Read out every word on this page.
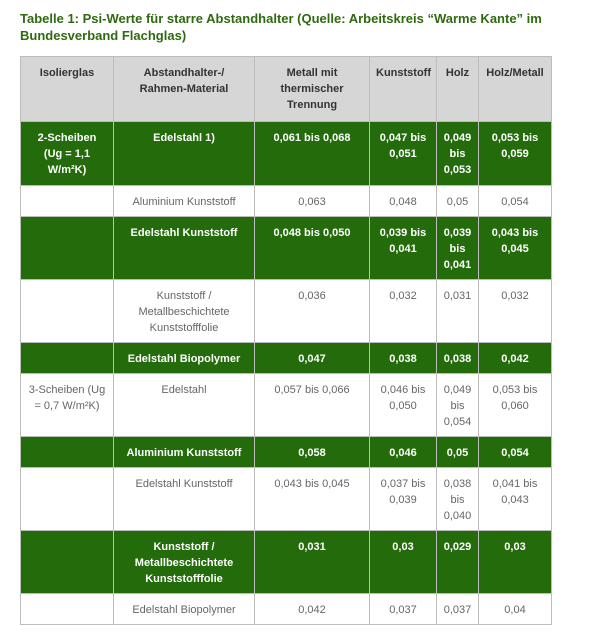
Tabelle 1: Psi-Werte für starre Abstandhalter (Quelle: Arbeitskreis “Warme Kante” im Bundesverband Flachglas)
Isolierglas	Abstandhalter-/ Rahmen-Material	Metall mit thermischer Trennung	Kunststoff	Holz	Holz/Metall
2-Scheiben (Ug = 1,1 W/m²K)	Edelstahl 1)	0,061 bis 0,068	0,047 bis 0,051	0,049 bis 0,053	0,053 bis 0,059
	Aluminium Kunststoff	0,063	0,048	0,05	0,054
	Edelstahl Kunststoff	0,048 bis 0,050	0,039 bis 0,041	0,039 bis 0,041	0,043 bis 0,045
	Kunststoff / Metallbeschichtete Kunststofffolie	0,036	0,032	0,031	0,032
	Edelstahl Biopolymer	0,047	0,038	0,038	0,042
3-Scheiben (Ug = 0,7 W/m²K)	Edelstahl	0,057 bis 0,066	0,046 bis 0,050	0,049 bis 0,054	0,053 bis 0,060
	Aluminium Kunststoff	0,058	0,046	0,05	0,054
	Edelstahl Kunststoff	0,043 bis 0,045	0,037 bis 0,039	0,038 bis 0,040	0,041 bis 0,043
	Kunststoff / Metallbeschichtete Kunststofffolie	0,031	0,03	0,029	0,03
	Edelstahl Biopolymer	0,042	0,037	0,037	0,04
